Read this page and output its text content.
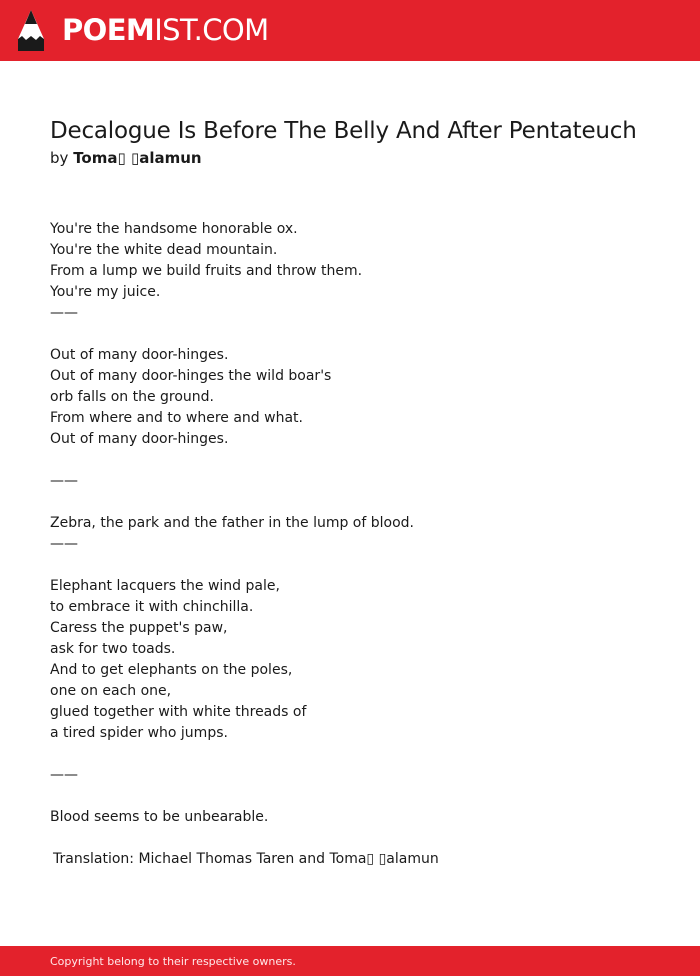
POEMIST.COM
Decalogue Is Before The Belly And After Pentateuch
by Toma▯ ▯alamun
You're the handsome honorable ox.
You're the white dead mountain.
From a lump we build fruits and throw them.
You're my juice.
——
Out of many door-hinges.
Out of many door-hinges the wild boar's
orb falls on the ground.
From where and to where and what.
Out of many door-hinges.
——
Zebra, the park and the father in the lump of blood.
——
Elephant lacquers the wind pale,
to embrace it with chinchilla.
Caress the puppet's paw,
ask for two toads.
And to get elephants on the poles,
one on each one,
glued together with white threads of
a tired spider who jumps.
——
Blood seems to be unbearable.
Translation: Michael Thomas Taren and Toma▯ ▯alamun
Copyright belong to their respective owners.
